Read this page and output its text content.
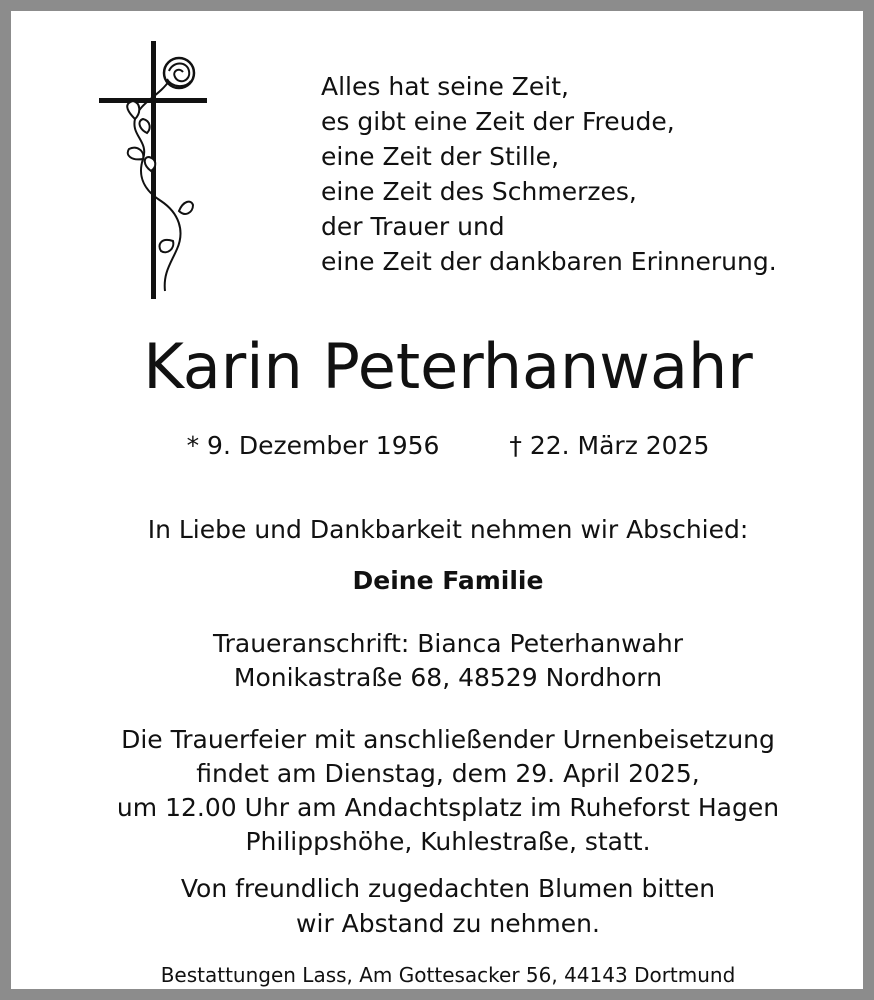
Alles hat seine Zeit,
es gibt eine Zeit der Freude,
eine Zeit der Stille,
eine Zeit des Schmerzes,
der Trauer und
eine Zeit der dankbaren Erinnerung.
Karin Peterhanwahr
* 9. Dezember 1956	† 22. März 2025
In Liebe und Dankbarkeit nehmen wir Abschied:
Deine Familie
Traueranschrift: Bianca Peterhanwahr
Monikastraße 68, 48529 Nordhorn
Die Trauerfeier mit anschließender Urnenbeisetzung
findet am Dienstag, dem 29. April 2025,
um 12.00 Uhr am Andachtsplatz im Ruheforst Hagen
Philippshöhe, Kuhlestraße, statt.
Von freundlich zugedachten Blumen bitten
wir Abstand zu nehmen.
Bestattungen Lass, Am Gottesacker 56, 44143 Dortmund
